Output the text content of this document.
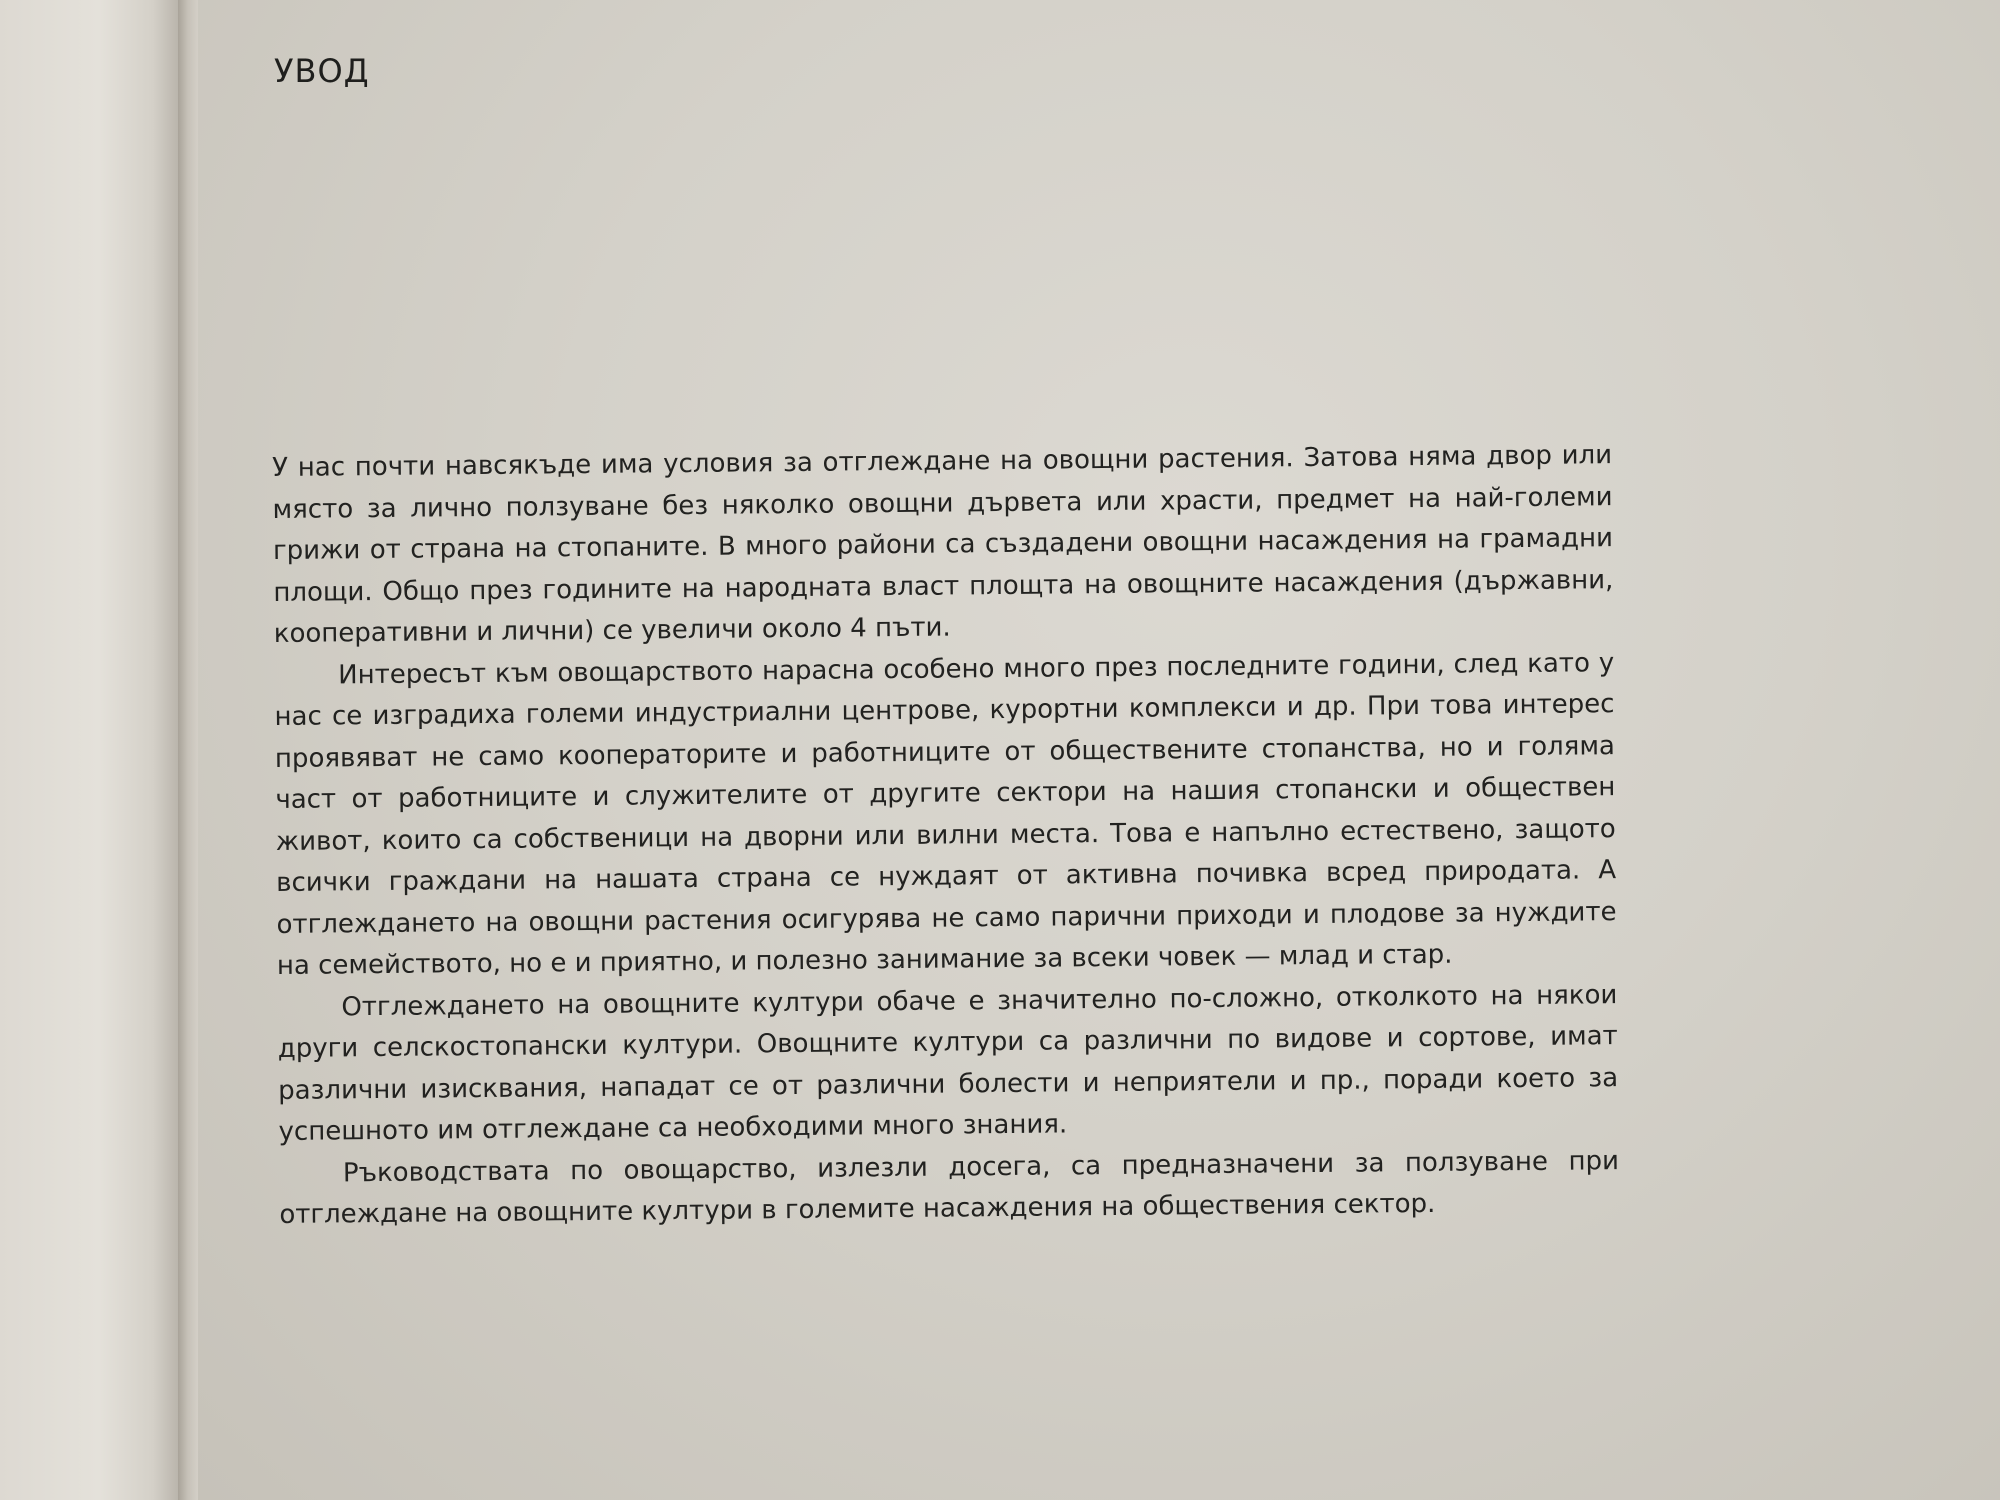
УВОД

У нас почти навсякъде има условия за отглеждане на овощни растения. Затова няма двор или място за лично ползуване без няколко овощни дървета или храсти, предмет на най-големи грижи от страна на стопаните. В много райони са създадени овощни насаждения на грамадни площи. Общо през годините на народната власт площта на овощните насаждения (държавни, кооперативни и лични) се увеличи около 4 пъти.

Интересът към овощарството нарасна особено много през последните години, след като у нас се изградиха големи индустриални центрове, курортни комплекси и др. При това интерес проявяват не само кооператорите и работниците от обществените стопанства, но и голяма част от работниците и служителите от другите сектори на нашия стопански и обществен живот, които са собственици на дворни или вилни места. Това е напълно естествено, защото всички граждани на нашата страна се нуждаят от активна почивка всред природата. А отглеждането на овощни растения осигурява не само парични приходи и плодове за нуждите на семейството, но е и приятно, и полезно занимание за всеки човек — млад и стар.

Отглеждането на овощните култури обаче е значително по-сложно, отколкото на някои други селскостопански култури. Овощните култури са различни по видове и сортове, имат различни изисквания, нападат се от различни болести и неприятели и пр., поради което за успешното им отглеждане са необходими много знания.

Ръководствата по овощарство, излезли досега, са предназначени за ползуване при отглеждане на овощните култури в големите насаждения на обществения сектор.
